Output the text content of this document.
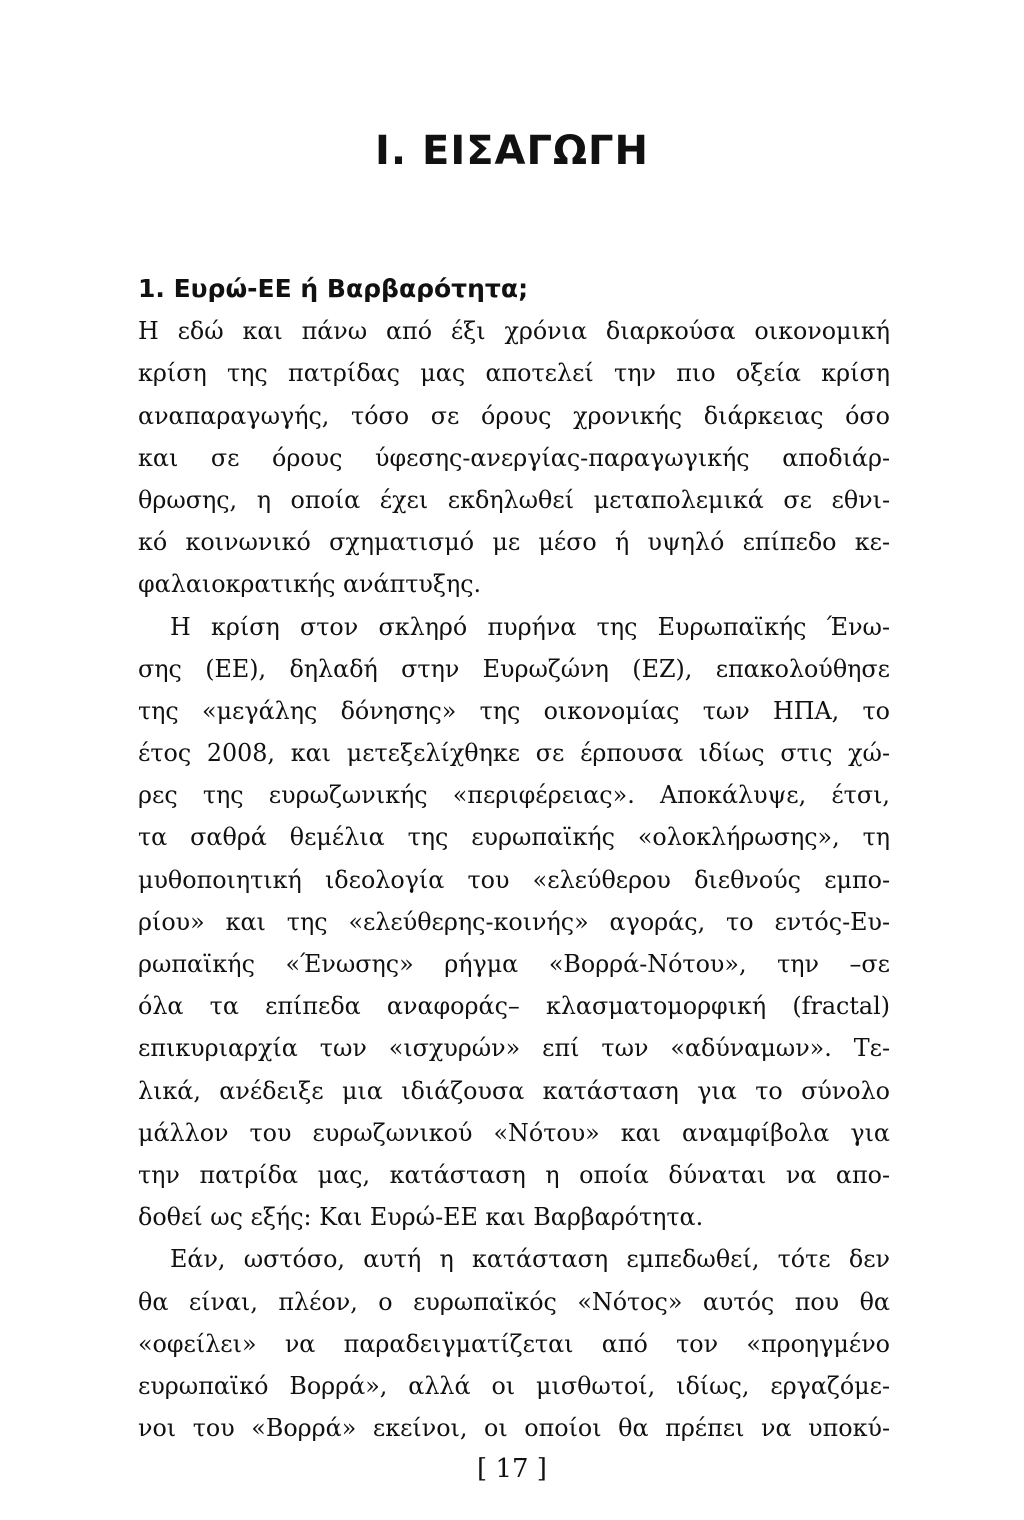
I. ΕΙΣΑΓΩΓΗ
1. Ευρώ-ΕΕ ή Βαρβαρότητα;
Η εδώ και πάνω από έξι χρόνια διαρκούσα οικονομική
κρίση της πατρίδας μας αποτελεί την πιο οξεία κρίση
αναπαραγωγής, τόσο σε όρους χρονικής διάρκειας όσο
και σε όρους ύφεσης-ανεργίας-παραγωγικής αποδιάρ-
θρωσης, η οποία έχει εκδηλωθεί μεταπολεμικά σε εθνι-
κό κοινωνικό σχηματισμό με μέσο ή υψηλό επίπεδο κε-
φαλαιοκρατικής ανάπτυξης.
Η κρίση στον σκληρό πυρήνα της Ευρωπαϊκής Ένω-
σης (ΕΕ), δηλαδή στην Ευρωζώνη (ΕΖ), επακολούθησε
της «μεγάλης δόνησης» της οικονομίας των ΗΠΑ, το
έτος 2008, και μετεξελίχθηκε σε έρπουσα ιδίως στις χώ-
ρες της ευρωζωνικής «περιφέρειας». Αποκάλυψε, έτσι,
τα σαθρά θεμέλια της ευρωπαϊκής «ολοκλήρωσης», τη
μυθοποιητική ιδεολογία του «ελεύθερου διεθνούς εμπο-
ρίου» και της «ελεύθερης-κοινής» αγοράς, το εντός-Ευ-
ρωπαϊκής «Ένωσης» ρήγμα «Βορρά-Νότου», την –σε
όλα τα επίπεδα αναφοράς– κλασματομορφική (fractal)
επικυριαρχία των «ισχυρών» επί των «αδύναμων». Τε-
λικά, ανέδειξε μια ιδιάζουσα κατάσταση για το σύνολο
μάλλον του ευρωζωνικού «Νότου» και αναμφίβολα για
την πατρίδα μας, κατάσταση η οποία δύναται να απο-
δοθεί ως εξής: Και Ευρώ-ΕΕ και Βαρβαρότητα.
Εάν, ωστόσο, αυτή η κατάσταση εμπεδωθεί, τότε δεν
θα είναι, πλέον, ο ευρωπαϊκός «Νότος» αυτός που θα
«οφείλει» να παραδειγματίζεται από τον «προηγμένο
ευρωπαϊκό Βορρά», αλλά οι μισθωτοί, ιδίως, εργαζόμε-
νοι του «Βορρά» εκείνοι, οι οποίοι θα πρέπει να υποκύ-
[ 17 ]
